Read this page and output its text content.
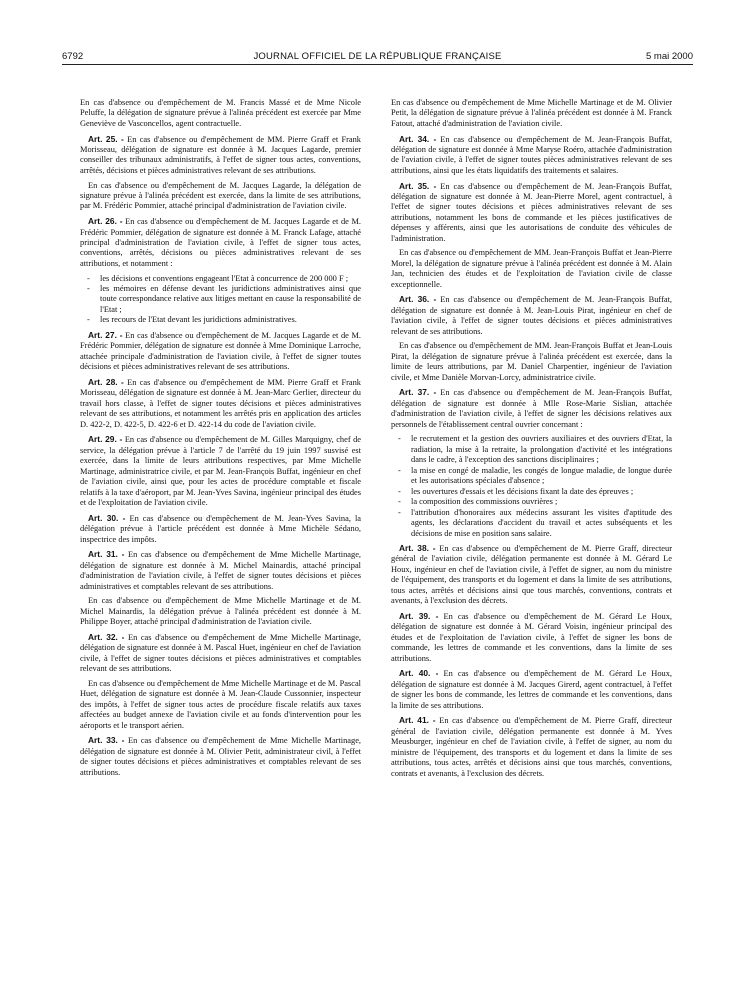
6792	JOURNAL OFFICIEL DE LA RÉPUBLIQUE FRANÇAISE	5 mai 2000

En cas d'absence ou d'empêchement de M. Francis Massé et de Mme Nicole Peluffe, la délégation de signature prévue à l'alinéa précédent est exercée par Mme Geneviève de Vasconcellos, agent contractuelle.

Art. 25. - En cas d'absence ou d'empêchement de MM. Pierre Graff et Frank Morisseau, délégation de signature est donnée à M. Jacques Lagarde, premier conseiller des tribunaux administratifs, à l'effet de signer tous actes, conventions, arrêtés, décisions et pièces administratives relevant de ses attributions.

En cas d'absence ou d'empêchement de M. Jacques Lagarde, la délégation de signature prévue à l'alinéa précédent est exercée, dans la limite de ses attributions, par M. Frédéric Pommier, attaché principal d'administration de l'aviation civile.

Art. 26. - En cas d'absence ou d'empêchement de M. Jacques Lagarde et de M. Frédéric Pommier, délégation de signature est donnée à M. Franck Lafage, attaché principal d'administration de l'aviation civile, à l'effet de signer tous actes, conventions, arrêtés, décisions ou pièces administratives relevant de ses attributions, et notamment :

- les décisions et conventions engageant l'Etat à concurrence de 200 000 F ;
- les mémoires en défense devant les juridictions administratives ainsi que toute correspondance relative aux litiges mettant en cause la responsabilité de l'Etat ;
- les recours de l'Etat devant les juridictions administratives.

Art. 27. - En cas d'absence ou d'empêchement de M. Jacques Lagarde et de M. Frédéric Pommier, délégation de signature est donnée à Mme Dominique Larroche, attachée principale d'administration de l'aviation civile, à l'effet de signer toutes décisions et pièces administratives relevant de ses attributions.

Art. 28. - En cas d'absence ou d'empêchement de MM. Pierre Graff et Frank Morisseau, délégation de signature est donnée à M. Jean-Marc Gerlier, directeur du travail hors classe, à l'effet de signer toutes décisions et pièces administratives relevant de ses attributions, et notamment les arrêtés pris en application des articles D. 422-2, D. 422-5, D. 422-6 et D. 422-14 du code de l'aviation civile.

Art. 29. - En cas d'absence ou d'empêchement de M. Gilles Marquigny, chef de service, la délégation prévue à l'article 7 de l'arrêté du 19 juin 1997 susvisé est exercée, dans la limite de leurs attributions respectives, par Mme Michelle Martinage, administratrice civile, et par M. Jean-François Buffat, ingénieur en chef de l'aviation civile, ainsi que, pour les actes de procédure comptable et fiscale relatifs à la taxe d'aéroport, par M. Jean-Yves Savina, ingénieur principal des études et de l'exploitation de l'aviation civile.

Art. 30. - En cas d'absence ou d'empêchement de M. Jean-Yves Savina, la délégation prévue à l'article précédent est donnée à Mme Michèle Sédano, inspectrice des impôts.

Art. 31. - En cas d'absence ou d'empêchement de Mme Michelle Martinage, délégation de signature est donnée à M. Michel Mainardis, attaché principal d'administration de l'aviation civile, à l'effet de signer toutes décisions et pièces administratives et comptables relevant de ses attributions.

En cas d'absence ou d'empêchement de Mme Michelle Martinage et de M. Michel Mainardis, la délégation prévue à l'alinéa précédent est donnée à M. Philippe Boyer, attaché principal d'administration de l'aviation civile.

Art. 32. - En cas d'absence ou d'empêchement de Mme Michelle Martinage, délégation de signature est donnée à M. Pascal Huet, ingénieur en chef de l'aviation civile, à l'effet de signer toutes décisions et pièces administratives et comptables relevant de ses attributions.

En cas d'absence ou d'empêchement de Mme Michelle Martinage et de M. Pascal Huet, délégation de signature est donnée à M. Jean-Claude Cussonnier, inspecteur des impôts, à l'effet de signer tous actes de procédure fiscale relatifs aux taxes affectées au budget annexe de l'aviation civile et au fonds d'intervention pour les aéroports et le transport aérien.

Art. 33. - En cas d'absence ou d'empêchement de Mme Michelle Martinage, délégation de signature est donnée à M. Olivier Petit, administrateur civil, à l'effet de signer toutes décisions et pièces administratives et comptables relevant de ses attributions.

En cas d'absence ou d'empêchement de Mme Michelle Martinage et de M. Olivier Petit, la délégation de signature prévue à l'alinéa précédent est donnée à M. Franck Fatout, attaché d'administration de l'aviation civile.

Art. 34. - En cas d'absence ou d'empêchement de M. Jean-François Buffat, délégation de signature est donnée à Mme Maryse Roéro, attachée d'administration de l'aviation civile, à l'effet de signer toutes pièces administratives relevant de ses attributions, ainsi que les états liquidatifs des traitements et salaires.

Art. 35. - En cas d'absence ou d'empêchement de M. Jean-François Buffat, délégation de signature est donnée à M. Jean-Pierre Morel, agent contractuel, à l'effet de signer toutes décisions et pièces administratives relevant de ses attributions, notamment les bons de commande et les pièces justificatives de dépenses y afférents, ainsi que les autorisations de conduite des véhicules de l'administration.

En cas d'absence ou d'empêchement de MM. Jean-François Buffat et Jean-Pierre Morel, la délégation de signature prévue à l'alinéa précédent est donnée à M. Alain Jan, technicien des études et de l'exploitation de l'aviation civile de classe exceptionnelle.

Art. 36. - En cas d'absence ou d'empêchement de M. Jean-François Buffat, délégation de signature est donnée à M. Jean-Louis Pirat, ingénieur en chef de l'aviation civile, à l'effet de signer toutes décisions et pièces administratives relevant de ses attributions.

En cas d'absence ou d'empêchement de MM. Jean-François Buffat et Jean-Louis Pirat, la délégation de signature prévue à l'alinéa précédent est exercée, dans la limite de leurs attributions, par M. Daniel Charpentier, ingénieur de l'aviation civile, et Mme Danièle Morvan-Lorcy, administratrice civile.

Art. 37. - En cas d'absence ou d'empêchement de M. Jean-François Buffat, délégation de signature est donnée à Mlle Rose-Marie Sislian, attachée d'administration de l'aviation civile, à l'effet de signer les décisions relatives aux personnels de l'établissement central ouvrier concernant :

- le recrutement et la gestion des ouvriers auxiliaires et des ouvriers d'Etat, la radiation, la mise à la retraite, la prolongation d'activité et les intégrations dans le cadre, à l'exception des sanctions disciplinaires ;
- la mise en congé de maladie, les congés de longue maladie, de longue durée et les autorisations spéciales d'absence ;
- les ouvertures d'essais et les décisions fixant la date des épreuves ;
- la composition des commissions ouvrières ;
- l'attribution d'honoraires aux médecins assurant les visites d'aptitude des agents, les déclarations d'accident du travail et actes subséquents et les décisions de mise en position sans salaire.

Art. 38. - En cas d'absence ou d'empêchement de M. Pierre Graff, directeur général de l'aviation civile, délégation permanente est donnée à M. Gérard Le Houx, ingénieur en chef de l'aviation civile, à l'effet de signer, au nom du ministre de l'équipement, des transports et du logement et dans la limite de ses attributions, tous actes, arrêtés et décisions ainsi que tous marchés, conventions, contrats et avenants, à l'exclusion des décrets.

Art. 39. - En cas d'absence ou d'empêchement de M. Gérard Le Houx, délégation de signature est donnée à M. Gérard Voisin, ingénieur principal des études et de l'exploitation de l'aviation civile, à l'effet de signer les bons de commande, les lettres de commande et les conventions, dans la limite de ses attributions.

Art. 40. - En cas d'absence ou d'empêchement de M. Gérard Le Houx, délégation de signature est donnée à M. Jacques Girerd, agent contractuel, à l'effet de signer les bons de commande, les lettres de commande et les conventions, dans la limite de ses attributions.

Art. 41. - En cas d'absence ou d'empêchement de M. Pierre Graff, directeur général de l'aviation civile, délégation permanente est donnée à M. Yves Meusburger, ingénieur en chef de l'aviation civile, à l'effet de signer, au nom du ministre de l'équipement, des transports et du logement et dans la limite de ses attributions, tous actes, arrêtés et décisions ainsi que tous marchés, conventions, contrats et avenants, à l'exclusion des décrets.
